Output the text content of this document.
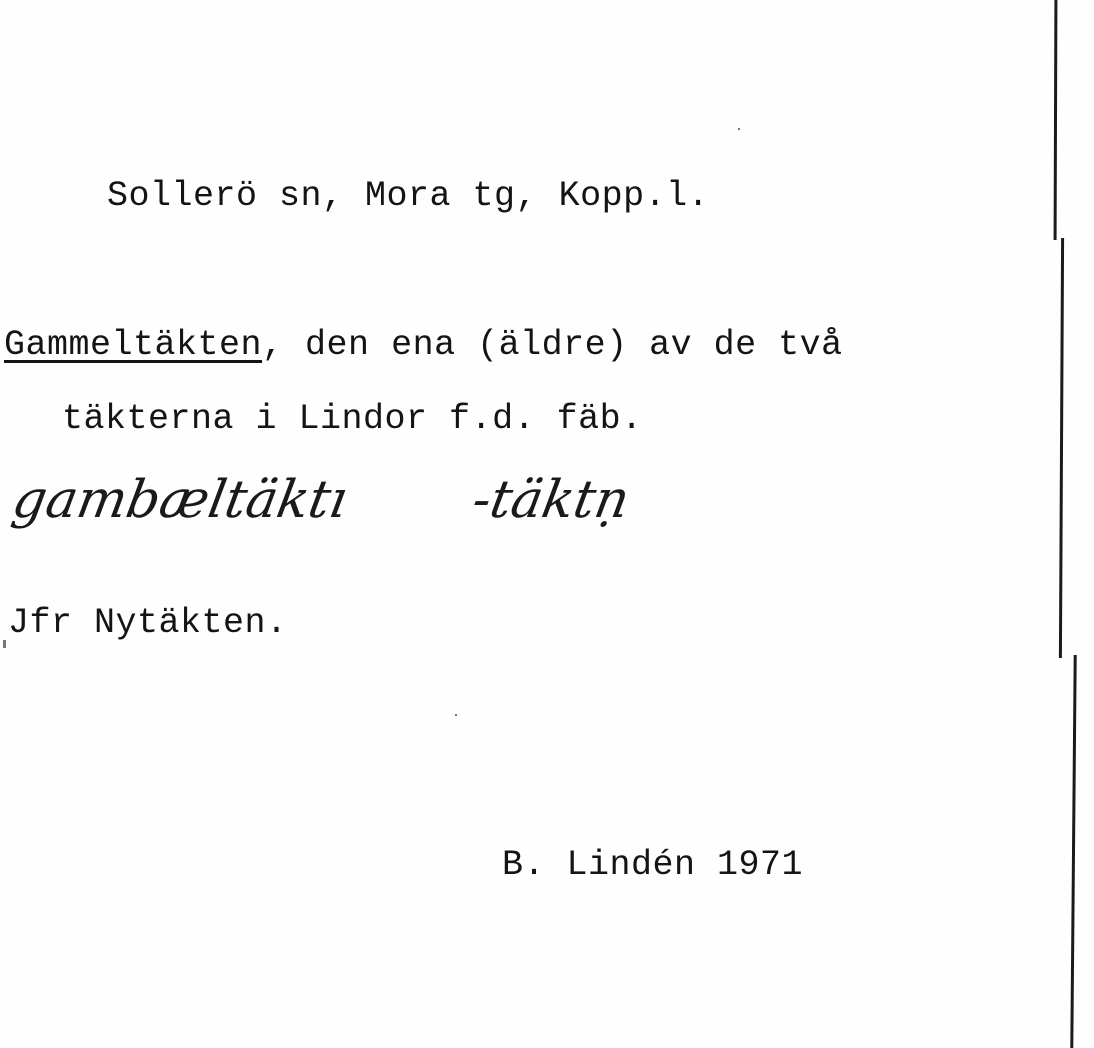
Sollerö sn, Mora tg, Kopp.l.
Gammeltäkten, den ena (äldre) av de två
täkterna i Lindor f.d. fäb.
gambæltäktı -täktṇ
Jfr Nytäkten.
B. Lindén 1971
